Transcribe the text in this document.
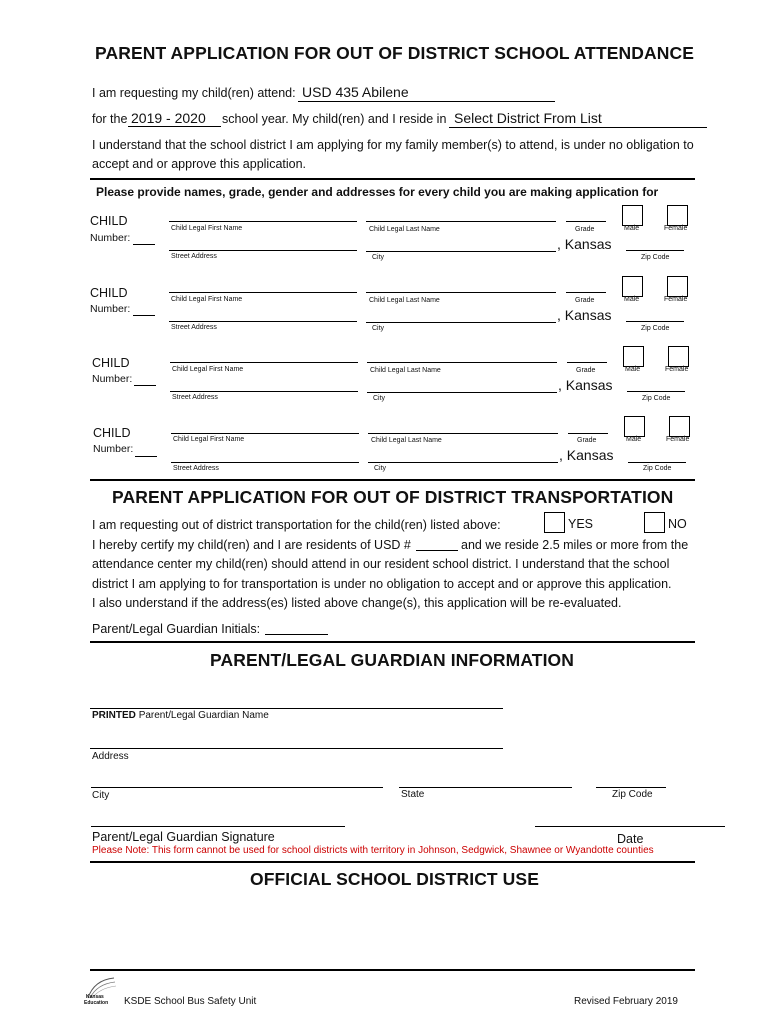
PARENT APPLICATION FOR OUT OF DISTRICT SCHOOL ATTENDANCE
I am requesting my child(ren) attend: USD 435 Abilene
for the 2019 - 2020 school year. My child(ren) and I reside in Select District From List
I understand that the school district I am applying for my family member(s) to attend, is under no obligation to
accept and or approve this application.
Please provide names, grade, gender and addresses for every child you are making application for
CHILD
Number:
Child Legal First Name	Child Legal Last Name	Grade	Male	Female
Street Address	City
, Kansas
Zip Code
CHILD
Number:
Child Legal First Name	Child Legal Last Name	Grade	Male	Female
Street Address	City
, Kansas
Zip Code
CHILD
Number:
Child Legal First Name	Child Legal Last Name	Grade	Male	Female
Street Address	City
, Kansas
Zip Code
CHILD
Number:
Child Legal First Name	Child Legal Last Name	Grade	Male	Female
Street Address	City
, Kansas
Zip Code
PARENT APPLICATION FOR OUT OF DISTRICT TRANSPORTATION
I am requesting out of district transportation for the child(ren) listed above:	YES	NO
I hereby certify my child(ren) and I are residents of USD #	and we reside 2.5 miles or more from the
attendance center my child(ren) should attend in our resident school district. I understand that the school
district I am applying to for transportation is under no obligation to accept and or approve this application.
I also understand if the address(es) listed above change(s), this application will be re-evaluated.
Parent/Legal Guardian Initials:
PARENT/LEGAL GUARDIAN INFORMATION
PRINTED Parent/Legal Guardian Name
Address
City	State	Zip Code
Parent/Legal Guardian Signature	Date
Please Note: This form cannot be used for school districts with territory in Johnson, Sedgwick, Shawnee or Wyandotte counties
OFFICIAL SCHOOL DISTRICT USE
Kansas
Education KSDE School Bus Safety Unit	Revised February 2019
